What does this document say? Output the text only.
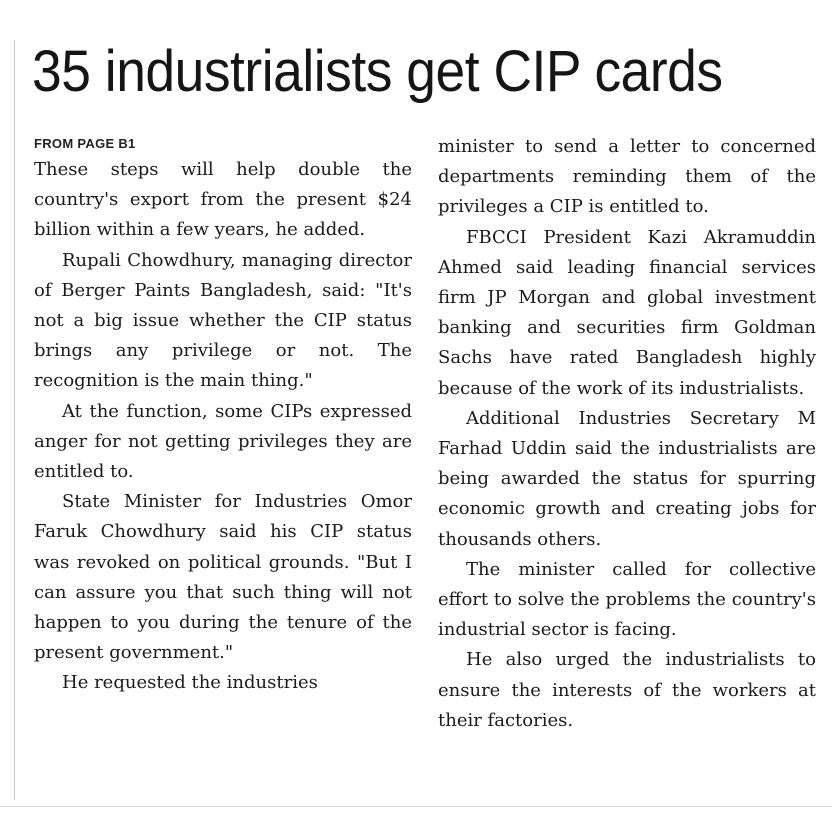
35 industrialists get CIP cards
FROM PAGE B1

These steps will help double the country's export from the present $24 billion within a few years, he added.

Rupali Chowdhury, managing director of Berger Paints Bangladesh, said: "It's not a big issue whether the CIP status brings any privilege or not. The recognition is the main thing."

At the function, some CIPs expressed anger for not getting privileges they are entitled to.

State Minister for Industries Omor Faruk Chowdhury said his CIP status was revoked on political grounds. "But I can assure you that such thing will not happen to you during the tenure of the present government."

He requested the industries

minister to send a letter to concerned departments reminding them of the privileges a CIP is entitled to.

FBCCI President Kazi Akramuddin Ahmed said leading financial services firm JP Morgan and global investment banking and securities firm Goldman Sachs have rated Bangladesh highly because of the work of its industrialists.

Additional Industries Secretary M Farhad Uddin said the industrialists are being awarded the status for spurring economic growth and creating jobs for thousands others.

The minister called for collective effort to solve the problems the country's industrial sector is facing.

He also urged the industrialists to ensure the interests of the workers at their factories.
